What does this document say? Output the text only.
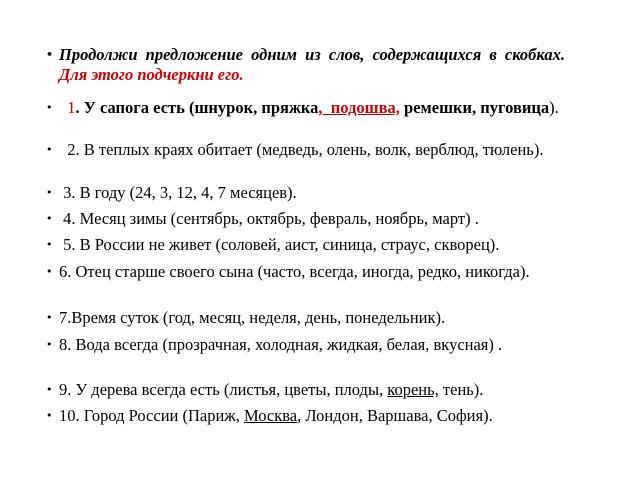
• Продолжи предложение одним из слов, содержащихся в скобках. Для этого подчеркни его.
• 1. У сапога есть (шнурок, пряжка,  подошва, ремешки, пуговица).
• 2. В теплых краях обитает (медведь, олень, волк, верблюд, тюлень).
• 3. В году (24, 3, 12, 4, 7 месяцев).
• 4. Месяц зимы (сентябрь, октябрь, февраль, ноябрь, март) .
• 5. В России не живет (соловей, аист, синица, страус, скворец).
• 6. Отец старше своего сына (часто, всегда, иногда, редко, никогда).
• 7.Время суток (год, месяц, неделя, день, понедельник).
• 8. Вода всегда (прозрачная, холодная, жидкая, белая, вкусная) .
• 9. У дерева всегда есть (листья, цветы, плоды, корень, тень).
• 10. Город России (Париж, Москва, Лондон, Варшава, София).
